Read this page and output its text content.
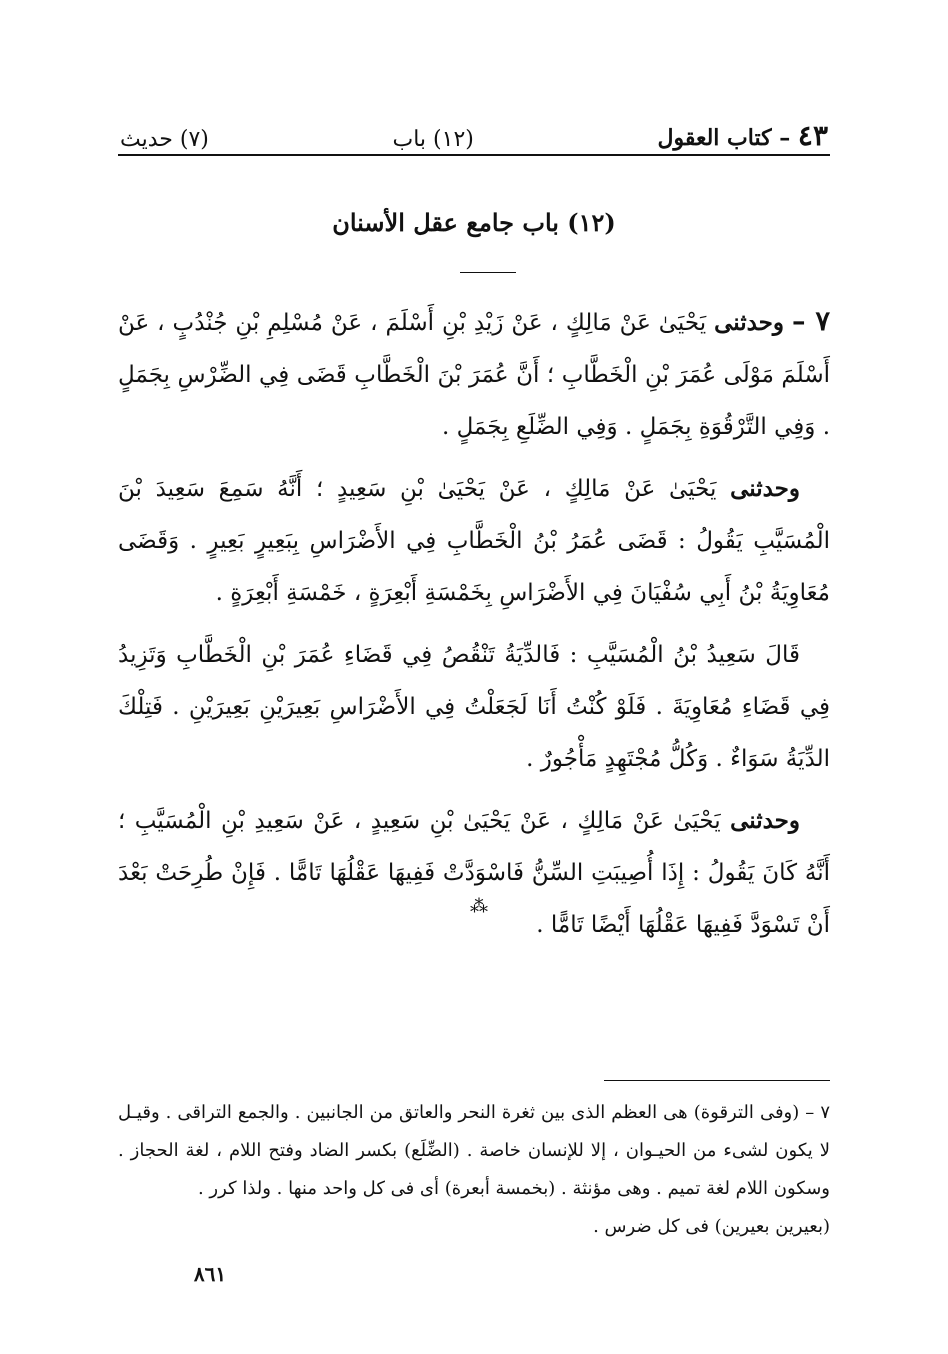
٤٣ – كتاب العقول
(١٢) باب
(٧) حديث
(١٢) باب جامع عقل الأسنان

٧ – وحدثنى يَحْيَىٰ عَنْ مَالِكٍ ، عَنْ زَيْدِ بْنِ أَسْلَمَ ، عَنْ مُسْلِمِ بْنِ جُنْدُبٍ ، عَنْ أَسْلَمَ مَوْلَى عُمَرَ بْنِ الْخَطَّابِ ؛ أَنَّ عُمَرَ بْنَ الْخَطَّابِ قَضَى فِي الضِّرْسِ بِجَمَلٍ . وَفِي التَّرْقُوَةِ بِجَمَلٍ . وَفِي الضِّلَعِ بِجَمَلٍ .

وحدثنى يَحْيَىٰ عَنْ مَالِكٍ ، عَنْ يَحْيَىٰ بْنِ سَعِيدٍ ؛ أَنَّهُ سَمِعَ سَعِيدَ بْنَ الْمُسَيَّبِ يَقُولُ : قَضَى عُمَرُ بْنُ الْخَطَّابِ فِي الأَضْرَاسِ بِبَعِيرٍ بَعِيرٍ . وَقَضَى مُعَاوِيَةُ بْنُ أَبِي سُفْيَانَ فِي الأَضْرَاسِ بِخَمْسَةِ أَبْعِرَةٍ ، خَمْسَةِ أَبْعِرَةٍ .

قَالَ سَعِيدُ بْنُ الْمُسَيَّبِ : فَالدِّيَةُ تَنْقُصُ فِي قَضَاءِ عُمَرَ بْنِ الْخَطَّابِ وَتَزِيدُ فِي قَضَاءِ مُعَاوِيَةَ . فَلَوْ كُنْتُ أَنَا لَجَعَلْتُ فِي الأَضْرَاسِ بَعِيرَيْنِ بَعِيرَيْنِ . فَتِلْكَ الدِّيَةُ سَوَاءٌ . وَكُلُّ مُجْتَهِدٍ مَأْجُورٌ .

وحدثنى يَحْيَىٰ عَنْ مَالِكٍ ، عَنْ يَحْيَىٰ بْنِ سَعِيدٍ ، عَنْ سَعِيدِ بْنِ الْمُسَيَّبِ ؛ أَنَّهُ كَانَ يَقُولُ : إِذَا أُصِيبَتِ السِّنُّ فَاسْوَدَّتْ فَفِيهَا عَقْلُهَا تَامًّا . فَإِنْ طُرِحَتْ بَعْدَ أَنْ تَسْوَدَّ فَفِيهَا عَقْلُهَا أَيْضًا تَامًّا .

⁂

٧ – (وفى الترقوة) هى العظم الذى بين ثغرة النحر والعاتق من الجانبين . والجمع التراقى . وقيـل لا يكون لشىء من الحيـوان ، إلا للإنسان خاصة . (الضِّلَع) بكسر الضاد وفتح اللام ، لغة الحجاز . وسكون اللام لغة تميم . وهى مؤنثة . (بخمسة أبعرة) أى فى كل واحد منها . ولذا كرر .

(بعيرين بعيرين) فى كل ضرس .

٨٦١
